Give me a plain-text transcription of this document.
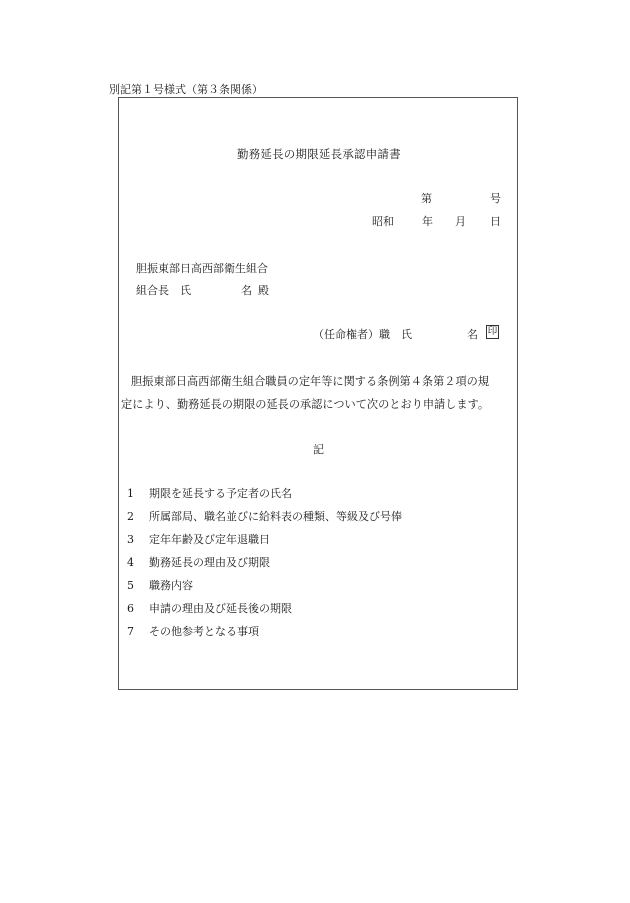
別記第１号様式（第３条関係）
勤務延長の期限延長承認申請書
第	号
昭和	年 月 日
胆振東部日高西部衛生組合
組合長　氏	名 殿
（任命権者）職　氏	名 印
胆振東部日高西部衛生組合職員の定年等に関する条例第４条第２項の規
定により、勤務延長の期限の延長の承認について次のとおり申請します。
記
1 期限を延長する予定者の氏名
2 所属部局、職名並びに給料表の種類、等級及び号俸
3 定年年齢及び定年退職日
4 勤務延長の理由及び期限
5 職務内容
6 申請の理由及び延長後の期限
7 その他参考となる事項
